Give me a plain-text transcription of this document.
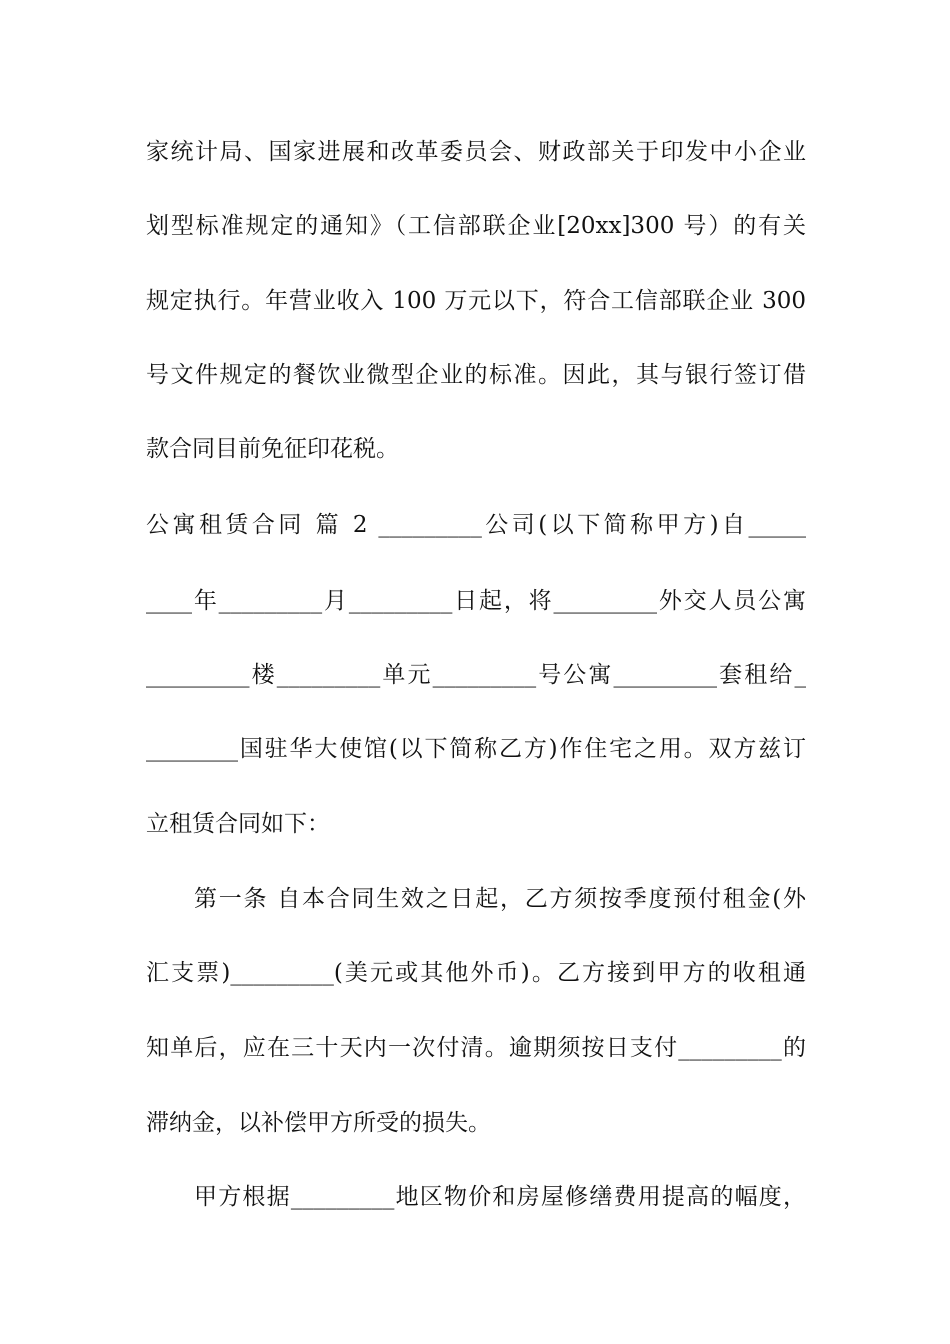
家统计局、国家进展和改革委员会、财政部关于印发中小企业
划型标准规定的通知》（工信部联企业[20xx]300 号）的有关
规定执行。年营业收入 100 万元以下，符合工信部联企业 300
号文件规定的餐饮业微型企业的标准。因此，其与银行签订借
款合同目前免征印花税。
公寓租赁合同 篇 2 _________公司(以下简称甲方)自_____
____年_________月_________日起，将_________外交人员公寓
_________楼_________单元_________号公寓_________套租给_
________国驻华大使馆(以下简称乙方)作住宅之用。双方兹订
立租赁合同如下：
第一条 自本合同生效之日起，乙方须按季度预付租金(外
汇支票)_________(美元或其他外币)。乙方接到甲方的收租通
知单后，应在三十天内一次付清。逾期须按日支付_________的
滞纳金，以补偿甲方所受的损失。
甲方根据_________地区物价和房屋修缮费用提高的幅度，
